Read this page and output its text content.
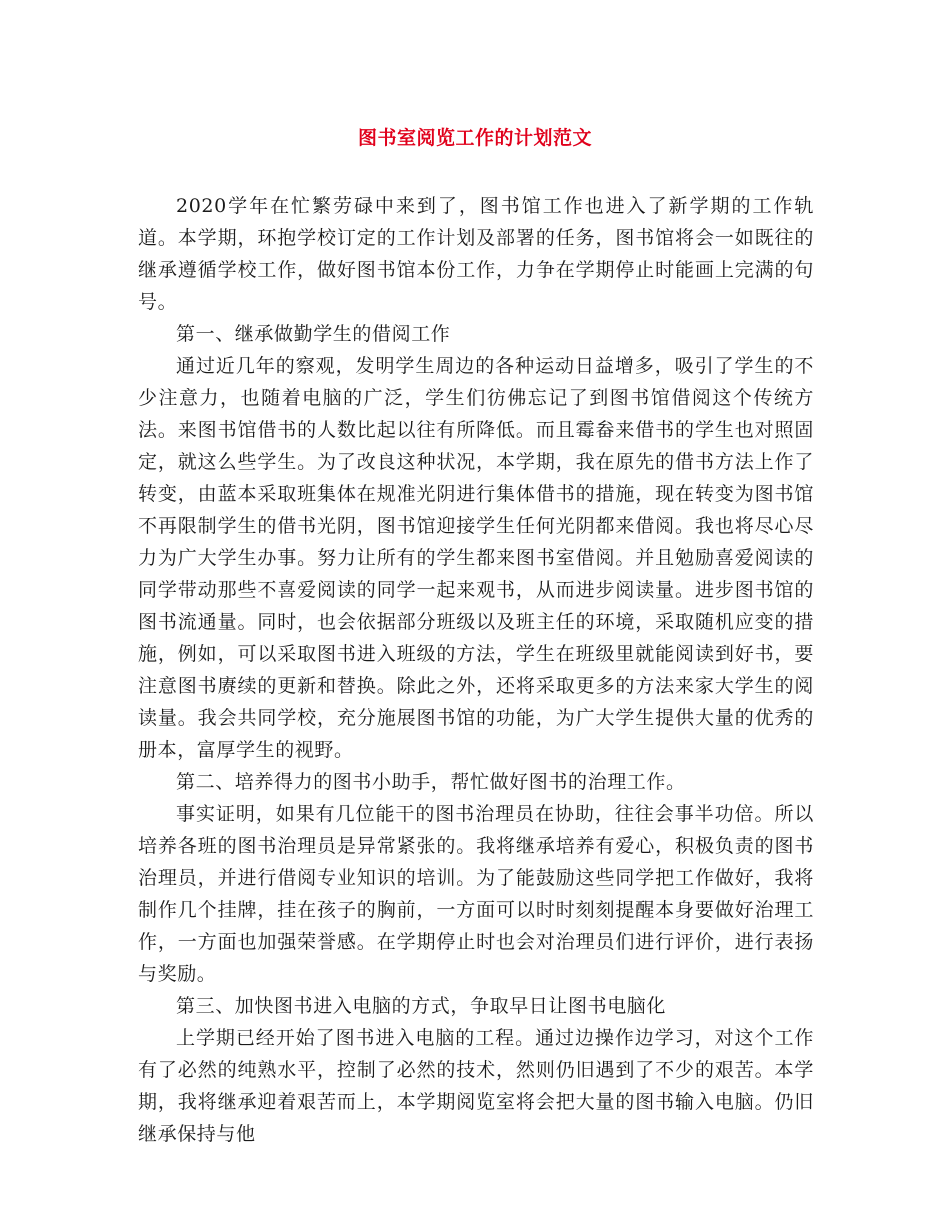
图书室阅览工作的计划范文

2020学年在忙繁劳碌中来到了，图书馆工作也进入了新学期的工作轨道。本学期，环抱学校订定的工作计划及部署的任务，图书馆将会一如既往的继承遵循学校工作，做好图书馆本份工作，力争在学期停止时能画上完满的句号。

第一、继承做勤学生的借阅工作

通过近几年的察观，发明学生周边的各种运动日益增多，吸引了学生的不少注意力，也随着电脑的广泛，学生们彷佛忘记了到图书馆借阅这个传统方法。来图书馆借书的人数比起以往有所降低。而且霉畚来借书的学生也对照固定，就这么些学生。为了改良这种状况，本学期，我在原先的借书方法上作了转变，由蓝本采取班集体在规准光阴进行集体借书的措施，现在转变为图书馆不再限制学生的借书光阴，图书馆迎接学生任何光阴都来借阅。我也将尽心尽力为广大学生办事。努力让所有的学生都来图书室借阅。并且勉励喜爱阅读的同学带动那些不喜爱阅读的同学一起来观书，从而进步阅读量。进步图书馆的图书流通量。同时，也会依据部分班级以及班主任的环境，采取随机应变的措施，例如，可以采取图书进入班级的方法，学生在班级里就能阅读到好书，要注意图书赓续的更新和替换。除此之外，还将采取更多的方法来家大学生的阅读量。我会共同学校，充分施展图书馆的功能，为广大学生提供大量的优秀的册本，富厚学生的视野。

第二、培养得力的图书小助手，帮忙做好图书的治理工作。

事实证明，如果有几位能干的图书治理员在协助，往往会事半功倍。所以培养各班的图书治理员是异常紧张的。我将继承培养有爱心，积极负责的图书治理员，并进行借阅专业知识的培训。为了能鼓励这些同学把工作做好，我将制作几个挂牌，挂在孩子的胸前，一方面可以时时刻刻提醒本身要做好治理工作，一方面也加强荣誉感。在学期停止时也会对治理员们进行评价，进行表扬与奖励。

第三、加快图书进入电脑的方式，争取早日让图书电脑化

上学期已经开始了图书进入电脑的工程。通过边操作边学习，对这个工作有了必然的纯熟水平，控制了必然的技术，然则仍旧遇到了不少的艰苦。本学期，我将继承迎着艰苦而上，本学期阅览室将会把大量的图书输入电脑。仍旧继承保持与他
